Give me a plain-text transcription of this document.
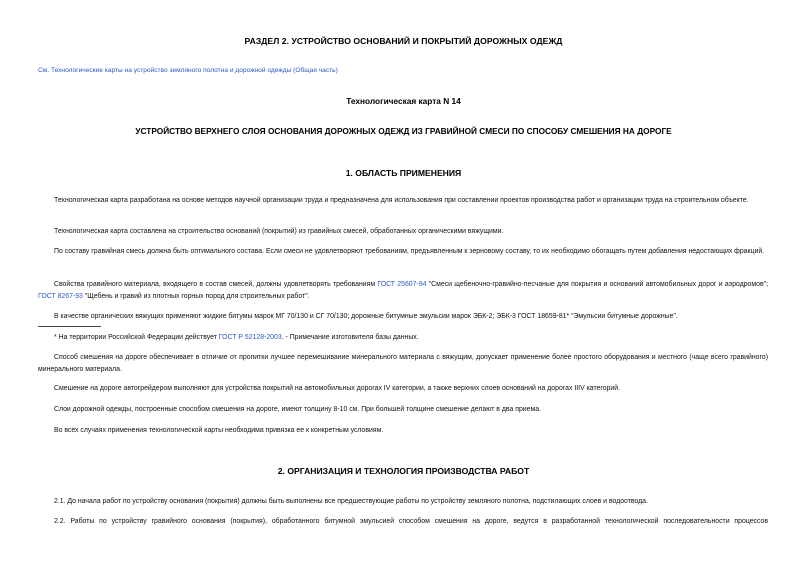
РАЗДЕЛ 2. УСТРОЙСТВО ОСНОВАНИЙ И ПОКРЫТИЙ ДОРОЖНЫХ ОДЕЖД
См. Технологические карты на устройство земляного полотна и дорожной одежды (Общая часть)
Технологическая карта N 14
УСТРОЙСТВО ВЕРХНЕГО СЛОЯ ОСНОВАНИЯ ДОРОЖНЫХ ОДЕЖД ИЗ ГРАВИЙНОЙ СМЕСИ ПО СПОСОБУ СМЕШЕНИЯ НА ДОРОГЕ
1. ОБЛАСТЬ ПРИМЕНЕНИЯ

Технологическая карта разработана на основе методов научной организации труда и предназначена для использования при составлении проектов производства работ и организации труда на строительном объекте.

Технологическая карта составлена на строительство оснований (покрытий) из гравийных смесей, обработанных органическими вяжущими.

По составу гравийная смесь должна быть оптимального состава. Если смеси не удовлетворяют требованиям, предъявленным к зерновому составу, то их необходимо обогащать путем добавления недостающих фракций.

Свойства гравийного материала, входящего в состав смесей, должны удовлетворять требованиям ГОСТ 25607-94 "Смеси щебеночно-гравийно-песчаные для покрытия и оснований автомобильных дорог и аэродромов"; ГОСТ 8267-93 "Щебень и гравий из плотных горных пород для строительных работ".

В качестве органических вяжущих применяют жидкие битумы марок МГ 70/130 и СГ 70/130; дорожные битумные эмульсии марок ЭБК-2; ЭБК-3 ГОСТ 18659-81* "Эмульсии битумные дорожные".

* На территории Российской Федерации действует ГОСТ Р 52128-2003. - Примечание изготовителя базы данных.

Способ смешения на дороге обеспечивает в отличие от пропитки лучшее перемешивание минерального материала с вяжущим, допускает применение более простого оборудования и местного (чаще всего гравийного) минерального материала.

Смешение на дороге автогрейдером выполняют для устройства покрытий на автомобильных дорогах IV категории, а также верхних слоев оснований на дорогах IIIV категорий.

Слои дорожной одежды, построенные способом смешения на дороге, имеют толщину 8-10 см. При большей толщине смешение делают в два приема.

Во всех случаях применения технологической карты необходима привязка ее к конкретным условиям.

2. ОРГАНИЗАЦИЯ И ТЕХНОЛОГИЯ ПРОИЗВОДСТВА РАБОТ

2.1. До начала работ по устройству основания (покрытия) должны быть выполнены все предшествующие работы по устройству земляного полотна, подстилающих слоев и водоотвода.

2.2. Работы по устройству гравийного основания (покрытия), обработанного битумной эмульсией способом смешения на дороге, ведутся в разработанной технологической последовательности процессов
